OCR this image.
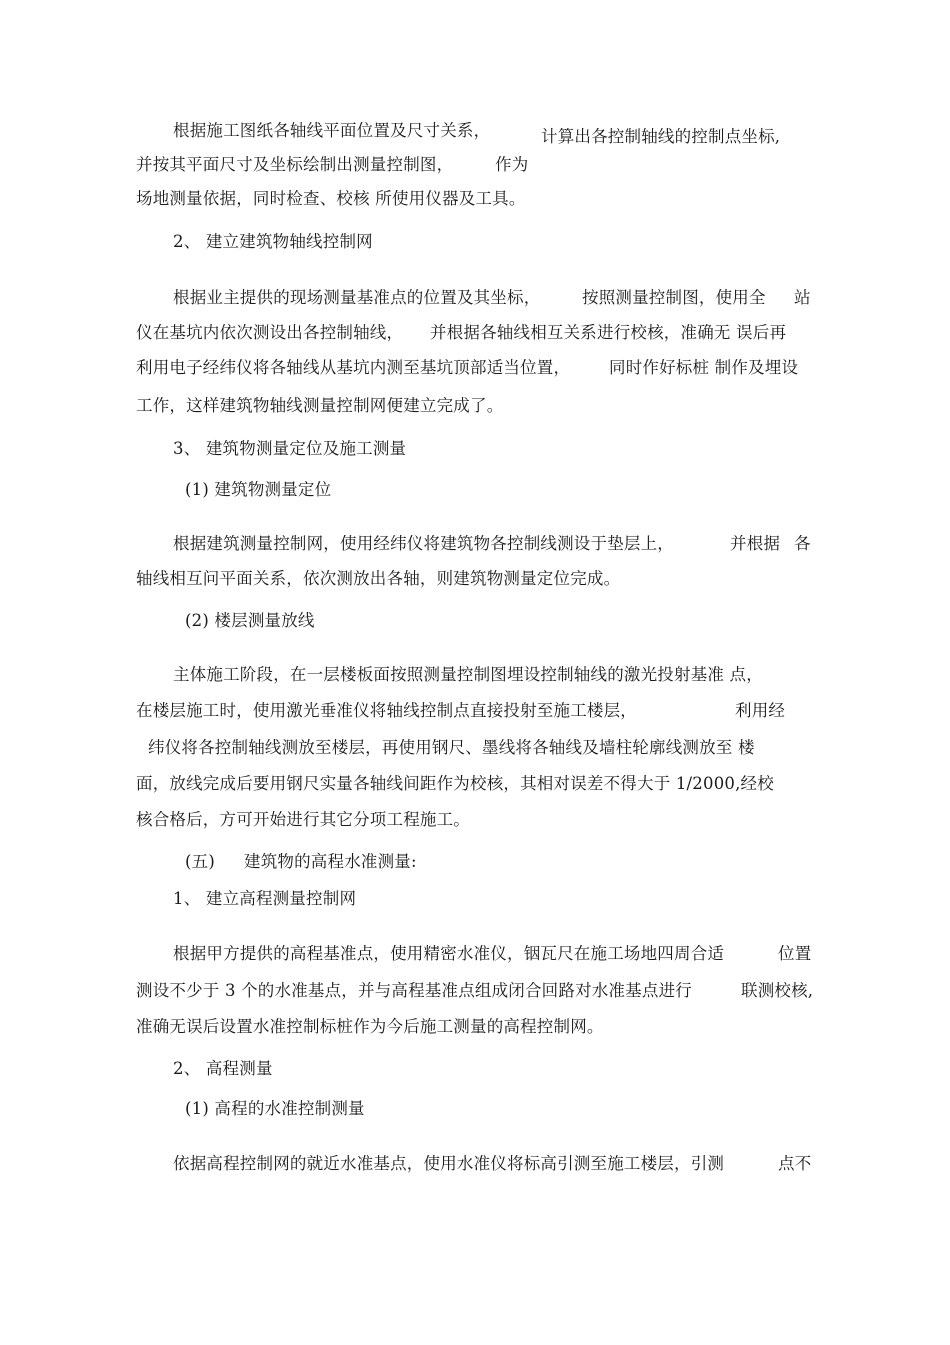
根据施工图纸各轴线平面位置及尺寸关系，	计算出各控制轴线的控制点坐标,
并按其平面尺寸及坐标绘制出测量控制图，	作为
场地测量依据，同时检查、校核 所使用仪器及工具。
2、 建立建筑物轴线控制网
根据业主提供的现场测量基准点的位置及其坐标，	按照测量控制图，使用全 站
仪在基坑内依次测设出各控制轴线， 并根据各轴线相互关系进行校核，准确无 误后再
利用电子经纬仪将各轴线从基坑内测至基坑顶部适当位置， 同时作好标桩 制作及埋设
工作，这样建筑物轴线测量控制网便建立完成了。
3、 建筑物测量定位及施工测量
(1) 建筑物测量定位
根据建筑测量控制网，使用经纬仪将建筑物各控制线测设于垫层上，	并根据 各
轴线相互问平面关系，依次测放出各轴，则建筑物测量定位完成。
(2) 楼层测量放线
主体施工阶段，在一层楼板面按照测量控制图埋设控制轴线的激光投射基准 点，
在楼层施工时，使用激光垂准仪将轴线控制点直接投射至施工楼层，	利用经
纬仪将各控制轴线测放至楼层，再使用钢尺、墨线将各轴线及墙柱轮廓线测放至 楼
面，放线完成后要用钢尺实量各轴线间距作为校核，其相对误差不得大于 1/2000,经校
核合格后，方可开始进行其它分项工程施工。
(五) 建筑物的高程水准测量:
1、 建立高程测量控制网
根据甲方提供的高程基准点，使用精密水准仪，铟瓦尺在施工场地四周合适	位置
测设不少于 3 个的水准基点，并与高程基准点组成闭合回路对水准基点进行	联测校核,
准确无误后设置水准控制标桩作为今后施工测量的高程控制网。
2、 高程测量
(1) 高程的水准控制测量
依据高程控制网的就近水准基点，使用水准仪将标高引测至施工楼层，引测	点不
